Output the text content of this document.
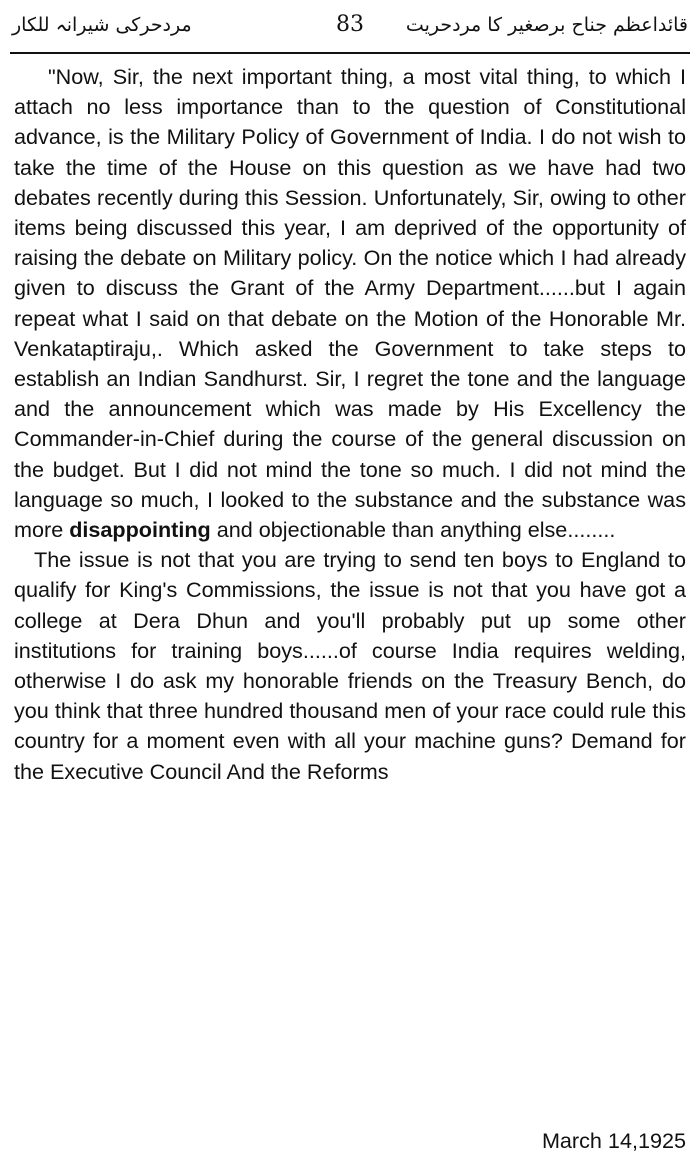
مردحرکی شیرانہ للکار	83	قائداعظم جناح برصغیر کا مردحریت

"Now, Sir, the next important thing, a most vital thing, to which I attach no less importance than to the question of Constitutional advance, is the Military Policy of Government of India. I do not wish to take the time of the House on this question as we have had two debates recently during this Session. Unfortunately, Sir, owing to other items being discussed this year, I am deprived of the opportunity of raising the debate on Military policy. On the notice which I had already given to discuss the Grant of the Army Department......but I again repeat what I said on that debate on the Motion of the Honorable Mr. Venkataptiraju,. Which asked the Government to take steps to establish an Indian Sandhurst. Sir, I regret the tone and the language and the announcement which was made by His Excellency the Commander-in-Chief during the course of the general discussion on the budget. But I did not mind the tone so much. I did not mind the language so much, I looked to the substance and the substance was more disappointing and objectionable than anything else........

The issue is not that you are trying to send ten boys to England to qualify for King's Commissions, the issue is not that you have got a college at Dera Dhun and you'll probably put up some other institutions for training boys......of course India requires welding, otherwise I do ask my honorable friends on the Treasury Bench, do you think that three hundred thousand men of your race could rule this country for a moment even with all your machine guns? Demand for the Executive Council And the Reforms

March 14,1925
